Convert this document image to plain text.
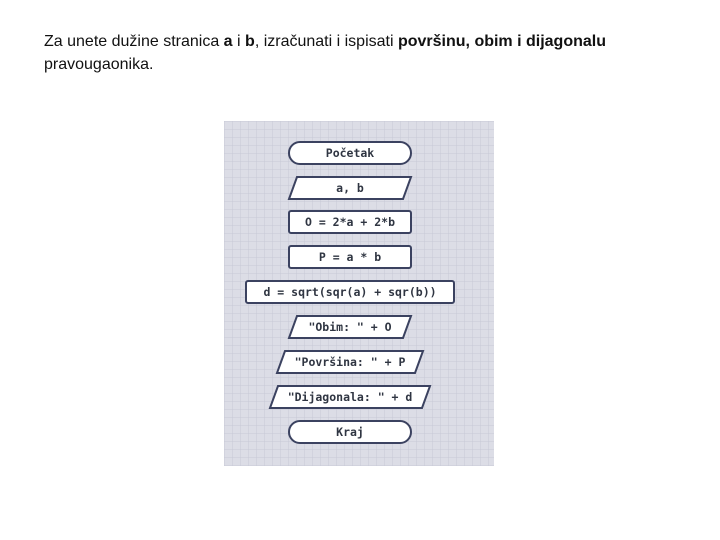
Za unete dužine stranica a i b, izračunati i ispisati površinu, obim i dijagonalu pravougaonika.
Početak
a, b
O = 2*a + 2*b
P = a * b
d = sqrt(sqr(a) + sqr(b))
"Obim: " + O
"Površina: " + P
"Dijagonala: " + d
Kraj
